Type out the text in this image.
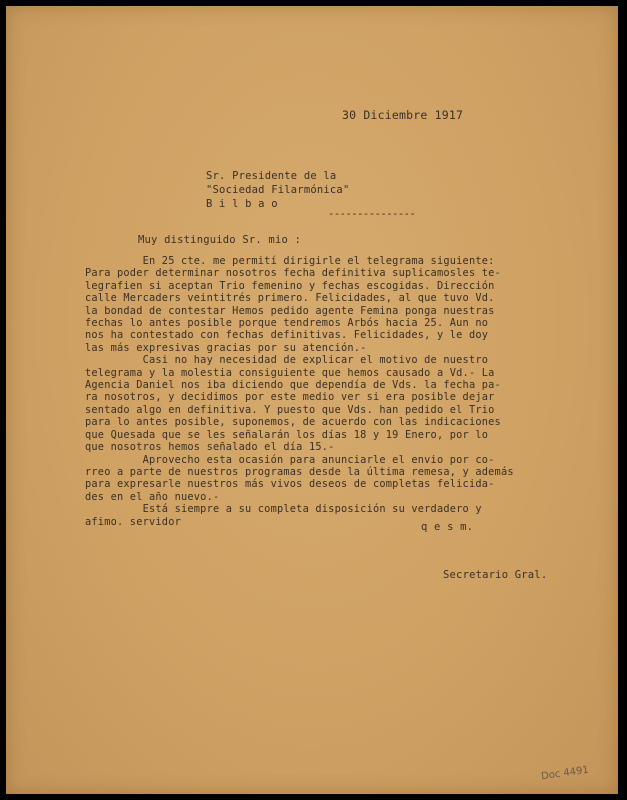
30 Diciembre 1917
Sr. Presidente de la
"Sociedad Filarmónica"
B i l b a o
---------------
Muy distinguido Sr. mio :
En 25 cte. me permití dirigirle el telegrama siguiente:
Para poder determinar nosotros fecha definitiva suplicamosles te-
legrafien si aceptan Trio femenino y fechas escogidas. Dirección
calle Mercaders veintitrés primero. Felicidades, al que tuvo Vd.
la bondad de contestar Hemos pedido agente Femina ponga nuestras
fechas lo antes posible porque tendremos Arbós hacia 25. Aun no
nos ha contestado con fechas definitivas. Felicidades, y le doy
las más expresivas gracias por su atención.-
Casi no hay necesidad de explicar el motivo de nuestro
telegrama y la molestia consiguiente que hemos causado a Vd.- La
Agencia Daniel nos iba diciendo que dependía de Vds. la fecha pa-
ra nosotros, y decidimos por este medio ver si era posible dejar
sentado algo en definitiva. Y puesto que Vds. han pedido el Trio
para lo antes posible, suponemos, de acuerdo con las indicaciones
que Quesada que se les señalarán los días 18 y 19 Enero, por lo
que nosotros hemos señalado el día 15.-
Aprovecho esta ocasión para anunciarle el envio por co-
rreo a parte de nuestros programas desde la última remesa, y además
para expresarle nuestros más vivos deseos de completas felicida-
des en el año nuevo.-
Está siempre a su completa disposición su verdadero y
afimo. servidor	q e s m.
Secretario Gral.
Doc 4491
